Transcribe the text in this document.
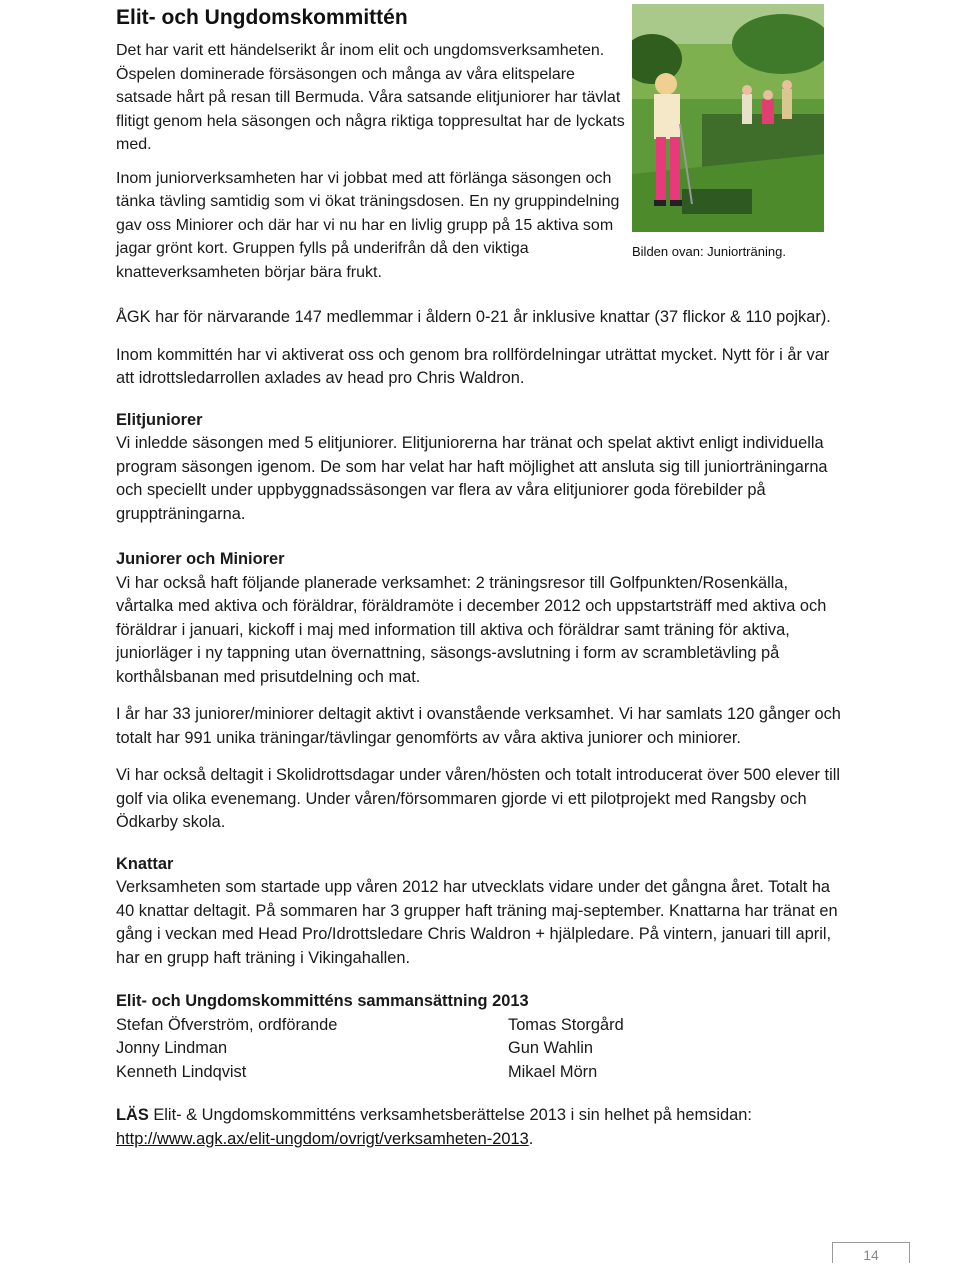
Elit- och Ungdomskommittén

Det har varit ett händelserikt år inom elit och ungdomsverksamheten. Öspelen dominerade försäsongen och många av våra elitspelare satsade hårt på resan till Bermuda. Våra satsande elitjuniorer har tävlat flitigt genom hela säsongen och några riktiga toppresultat har de lyckats med.

Inom juniorverksamheten har vi jobbat med att förlänga säsongen och tänka tävling samtidig som vi ökat träningsdosen. En ny gruppindelning gav oss Miniorer och där har vi nu har en livlig grupp på 15 aktiva som jagar grönt kort. Gruppen fylls på underifrån då den viktiga knatteverksamheten börjar bära frukt.

Bilden ovan: Juniorträning.

ÅGK har för närvarande 147 medlemmar i åldern 0-21 år inklusive knattar (37 flickor & 110 pojkar).

Inom kommittén har vi aktiverat oss och genom bra rollfördelningar uträttat mycket. Nytt för i år var att idrottsledarrollen axlades av head pro Chris Waldron.

Elitjuniorer
Vi inledde säsongen med 5 elitjuniorer. Elitjuniorerna har tränat och spelat aktivt enligt individuella program säsongen igenom. De som har velat har haft möjlighet att ansluta sig till juniorträningarna och speciellt under uppbyggnadssäsongen var flera av våra elitjuniorer goda förebilder på gruppträningarna.

Juniorer och Miniorer
Vi har också haft följande planerade verksamhet: 2 träningsresor till Golfpunkten/Rosenkälla, vårtalka med aktiva och föräldrar, föräldramöte i december 2012 och uppstartsträff med aktiva och föräldrar i januari, kickoff i maj med information till aktiva och föräldrar samt träning för aktiva, juniorläger i ny tappning utan övernattning, säsongs-avslutning i form av scrambletävling på korthålsbanan med prisutdelning och mat.

I år har 33 juniorer/miniorer deltagit aktivt i ovanstående verksamhet. Vi har samlats 120 gånger och totalt har 991 unika träningar/tävlingar genomförts av våra aktiva juniorer och miniorer.

Vi har också deltagit i Skolidrottsdagar under våren/hösten och totalt introducerat över 500 elever till golf via olika evenemang. Under våren/försommaren gjorde vi ett pilotprojekt med Rangsby och Ödkarby skola.

Knattar
Verksamheten som startade upp våren 2012 har utvecklats vidare under det gångna året. Totalt ha 40 knattar deltagit. På sommaren har 3 grupper haft träning maj-september. Knattarna har tränat en gång i veckan med Head Pro/Idrottsledare Chris Waldron + hjälpledare. På vintern, januari till april, har en grupp haft träning i Vikingahallen.

Elit- och Ungdomskommitténs sammansättning 2013
Stefan Öfverström, ordförande	Tomas Storgård
Jonny Lindman	Gun Wahlin
Kenneth Lindqvist	Mikael Mörn

LÄS Elit- & Ungdomskommitténs verksamhetsberättelse 2013 i sin helhet på hemsidan:
http://www.agk.ax/elit-ungdom/ovrigt/verksamheten-2013.

14
